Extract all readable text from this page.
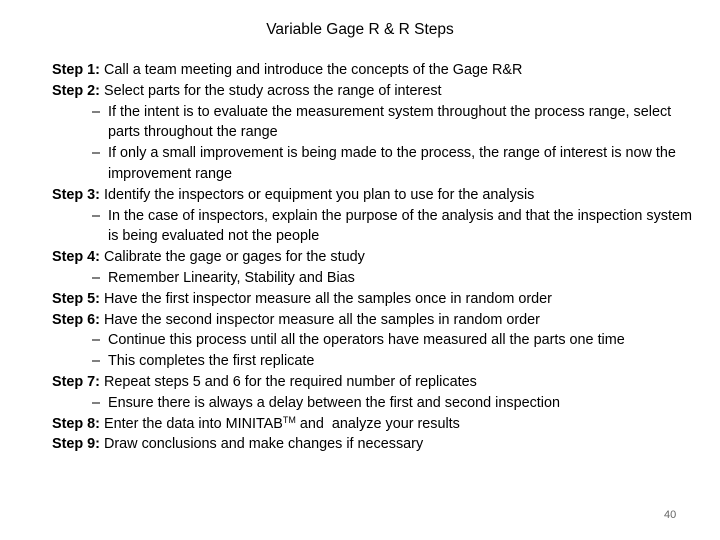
Variable Gage R & R Steps
Step 1:
Call a team meeting and introduce the concepts of the Gage R&R
Step 2:
Select parts for the study across the range of interest
– If the intent is to evaluate the measurement system throughout the process range, select parts throughout the range
– If only a small improvement is being made to the process, the range of interest is now the improvement range
Step 3:
Identify the inspectors or equipment you plan to use for the analysis
– In the case of inspectors, explain the purpose of the analysis and that the inspection system is being evaluated not the people
Step 4:
Calibrate the gage or gages for the study
– Remember Linearity, Stability and Bias
Step 5:
Have the first inspector measure all the samples once in random order
Step 6:
Have the second inspector measure all the samples in random order
– Continue this process until all the operators have measured all the parts one time
– This completes the first replicate
Step 7:
Repeat steps 5 and 6 for the required number of replicates
– Ensure there is always a delay between the first and second inspection
Step 8:
Enter the data into MINITAB™ and  analyze your results
Step 9:
Draw conclusions and make changes if necessary
40
